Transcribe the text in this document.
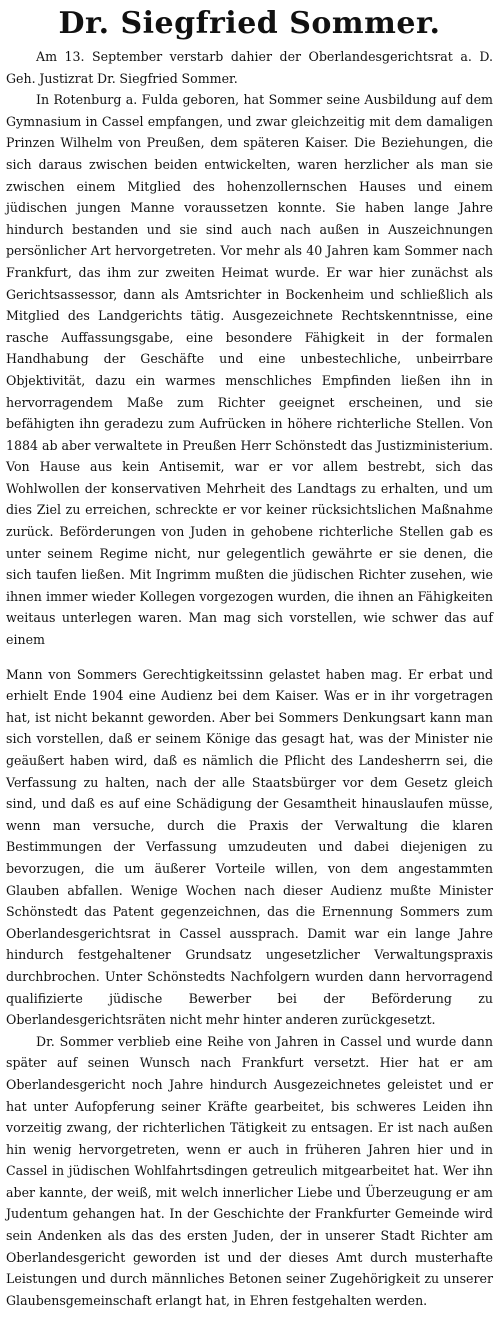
Dr. Siegfried Sommer.

Am 13. September verstarb dahier der Oberlandesgerichtsrat a. D. Geh. Justizrat Dr. Siegfried Sommer.

In Rotenburg a. Fulda geboren, hat Sommer seine Ausbildung auf dem Gymnasium in Cassel empfangen, und zwar gleichzeitig mit dem damaligen Prinzen Wilhelm von Preußen, dem späteren Kaiser. Die Beziehungen, die sich daraus zwischen beiden entwickelten, waren herzlicher als man sie zwischen einem Mitglied des hohenzollernschen Hauses und einem jüdischen jungen Manne voraussetzen konnte. Sie haben lange Jahre hindurch bestanden und sie sind auch nach außen in Auszeichnungen persönlicher Art hervorgetreten. Vor mehr als 40 Jahren kam Sommer nach Frankfurt, das ihm zur zweiten Heimat wurde. Er war hier zunächst als Gerichtsassessor, dann als Amtsrichter in Bockenheim und schließlich als Mitglied des Landgerichts tätig. Ausgezeichnete Rechtskenntnisse, eine rasche Auffassungsgabe, eine besondere Fähigkeit in der formalen Handhabung der Geschäfte und eine unbestechliche, unbeirrbare Objektivität, dazu ein warmes menschliches Empfinden ließen ihn in hervorragendem Maße zum Richter geeignet erscheinen, und sie befähigten ihn geradezu zum Aufrücken in höhere richterliche Stellen. Von 1884 ab aber verwaltete in Preußen Herr Schönstedt das Justizministerium. Von Hause aus kein Antisemit, war er vor allem bestrebt, sich das Wohlwollen der konservativen Mehrheit des Landtags zu erhalten, und um dies Ziel zu erreichen, schreckte er vor keiner rücksichtslichen Maßnahme zurück. Beförderungen von Juden in gehobene richterliche Stellen gab es unter seinem Regime nicht, nur gelegentlich gewährte er sie denen, die sich taufen ließen. Mit Ingrimm mußten die jüdischen Richter zusehen, wie ihnen immer wieder Kollegen vorgezogen wurden, die ihnen an Fähigkeiten weitaus unterlegen waren. Man mag sich vorstellen, wie schwer das auf einem

Mann von Sommers Gerechtigkeitssinn gelastet haben mag. Er erbat und erhielt Ende 1904 eine Audienz bei dem Kaiser. Was er in ihr vorgetragen hat, ist nicht bekannt geworden. Aber bei Sommers Denkungsart kann man sich vorstellen, daß er seinem Könige das gesagt hat, was der Minister nie geäußert haben wird, daß es nämlich die Pflicht des Landesherrn sei, die Verfassung zu halten, nach der alle Staatsbürger vor dem Gesetz gleich sind, und daß es auf eine Schädigung der Gesamtheit hinauslaufen müsse, wenn man versuche, durch die Praxis der Verwaltung die klaren Bestimmungen der Verfassung umzudeuten und dabei diejenigen zu bevorzugen, die um äußerer Vorteile willen, von dem angestammten Glauben abfallen. Wenige Wochen nach dieser Audienz mußte Minister Schönstedt das Patent gegenzeichnen, das die Ernennung Sommers zum Oberlandesgerichtsrat in Cassel aussprach. Damit war ein lange Jahre hindurch festgehaltener Grundsatz ungesetzlicher Verwaltungspraxis durchbrochen. Unter Schönstedts Nachfolgern wurden dann hervorragend qualifizierte jüdische Bewerber bei der Beförderung zu Oberlandesgerichtsräten nicht mehr hinter anderen zurückgesetzt.

Dr. Sommer verblieb eine Reihe von Jahren in Cassel und wurde dann später auf seinen Wunsch nach Frankfurt versetzt. Hier hat er am Oberlandesgericht noch Jahre hindurch Ausgezeichnetes geleistet und er hat unter Aufopferung seiner Kräfte gearbeitet, bis schweres Leiden ihn vorzeitig zwang, der richterlichen Tätigkeit zu entsagen. Er ist nach außen hin wenig hervorgetreten, wenn er auch in früheren Jahren hier und in Cassel in jüdischen Wohlfahrtsdingen getreulich mitgearbeitet hat. Wer ihn aber kannte, der weiß, mit welch innerlicher Liebe und Überzeugung er am Judentum gehangen hat. In der Geschichte der Frankfurter Gemeinde wird sein Andenken als das des ersten Juden, der in unserer Stadt Richter am Oberlandesgericht geworden ist und der dieses Amt durch musterhafte Leistungen und durch männliches Betonen seiner Zugehörigkeit zu unserer Glaubensgemeinschaft erlangt hat, in Ehren festgehalten werden.
